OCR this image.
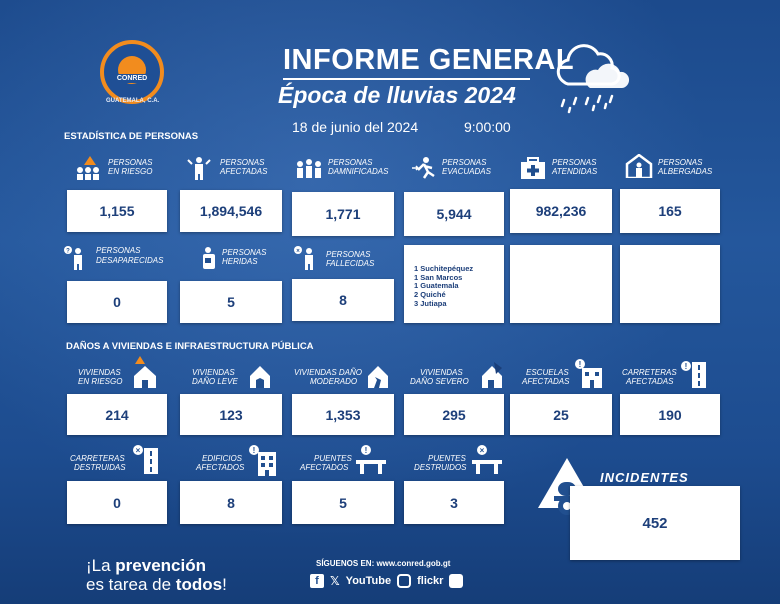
CONRED
GUATEMALA, C.A.
INFORME GENERAL
Época de lluvias 2024
18 de junio del 2024	9:00:00
ESTADÍSTICA DE PERSONAS
PERSONAS
EN RIESGO
1,155
PERSONAS
AFECTADAS
1,894,546
PERSONAS
DAMNIFICADAS
1,771
PERSONAS
EVACUADAS
5,944
PERSONAS
ATENDIDAS
982,236
PERSONAS
ALBERGADAS
165
?	PERSONAS
DESAPARECIDAS
0
PERSONAS
HERIDAS
5
×	PERSONAS
FALLECIDAS
8
1 Suchitepéquez
1 San Marcos
1 Guatemala
2 Quiché
3 Jutiapa
DAÑOS A VIVIENDAS E INFRAESTRUCTURA PÚBLICA
VIVIENDAS
EN RIESGO
214
VIVIENDAS
DAÑO LEVE
123
VIVIENDAS DAÑO
MODERADO
1,353
VIVIENDAS
DAÑO SEVERO
295
ESCUELAS
AFECTADAS
!
25
CARRETERAS
AFECTADAS
!
190
CARRETERAS
DESTRUIDAS
×
0
EDIFICIOS
AFECTADOS
!
8
PUENTES
AFECTADOS
!
5
PUENTES
DESTRUIDOS
×
3
INCIDENTES
452
¡La prevención
es tarea de todos!
SÍGUENOS EN: www.conred.gob.gt
f 𝕏 YouTube flickr
